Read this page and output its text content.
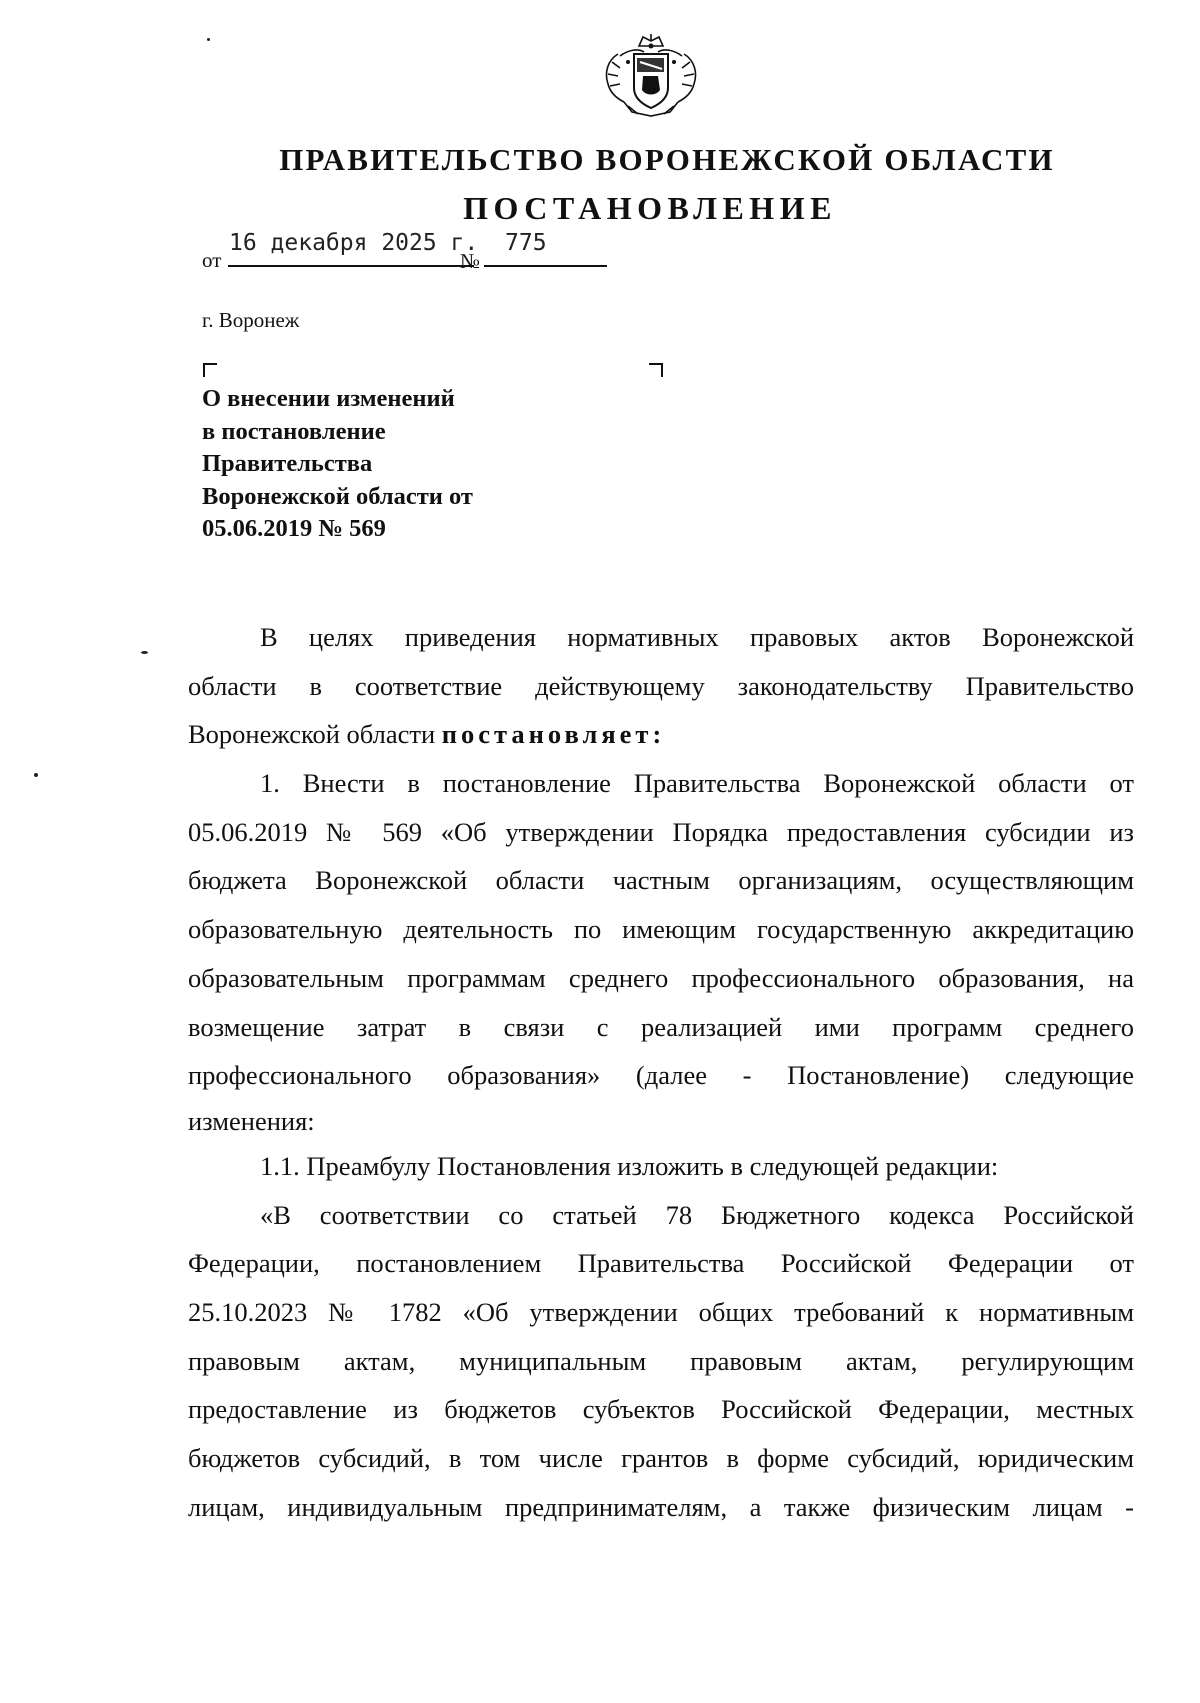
ПРАВИТЕЛЬСТВО ВОРОНЕЖСКОЙ ОБЛАСТИ
ПОСТАНОВЛЕНИЕ
от
16 декабря 2025 г.
№
775
г. Воронеж
О внесении изменений
в постановление
Правительства
Воронежской области от
05.06.2019 № 569
В целях приведения нормативных правовых актов Воронежской
области в соответствие действующему законодательству Правительство
Воронежской области постановляет:
1. Внести в постановление Правительства Воронежской области от
05.06.2019 № 569 «Об утверждении Порядка предоставления субсидии из
бюджета Воронежской области частным организациям, осуществляющим
образовательную деятельность по имеющим государственную аккредитацию
образовательным программам среднего профессионального образования, на
возмещение затрат в связи с реализацией ими программ среднего
профессионального образования» (далее - Постановление) следующие
изменения:
1.1. Преамбулу Постановления изложить в следующей редакции:
«В соответствии со статьей 78 Бюджетного кодекса Российской
Федерации, постановлением Правительства Российской Федерации от
25.10.2023 № 1782 «Об утверждении общих требований к нормативным
правовым актам, муниципальным правовым актам, регулирующим
предоставление из бюджетов субъектов Российской Федерации, местных
бюджетов субсидий, в том числе грантов в форме субсидий, юридическим
лицам, индивидуальным предпринимателям, а также физическим лицам -
